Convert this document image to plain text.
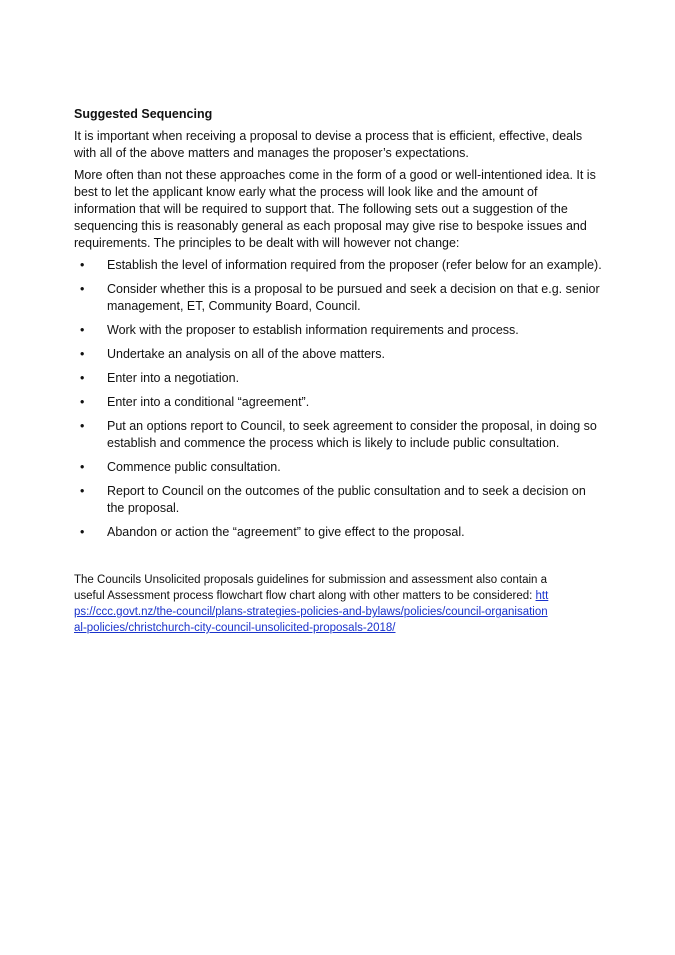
Suggested Sequencing

It is important when receiving a proposal to devise a process that is efficient, effective, deals with all of the above matters and manages the proposer’s expectations.

More often than not these approaches come in the form of a good or well-intentioned idea. It is best to let the applicant know early what the process will look like and the amount of information that will be required to support that. The following sets out a suggestion of the sequencing this is reasonably general as each proposal may give rise to bespoke issues and requirements. The principles to be dealt with will however not change:

•	Establish the level of information required from the proposer (refer below for an example).
•	Consider whether this is a proposal to be pursued and seek a decision on that e.g. senior management, ET, Community Board, Council.
•	Work with the proposer to establish information requirements and process.
•	Undertake an analysis on all of the above matters.
•	Enter into a negotiation.
•	Enter into a conditional “agreement”.
•	Put an options report to Council, to seek agreement to consider the proposal, in doing so establish and commence the process which is likely to include public consultation.
•	Commence public consultation.
•	Report to Council on the outcomes of the public consultation and to seek a decision on the proposal.
•	Abandon or action the “agreement” to give effect to the proposal.
The Councils Unsolicited proposals guidelines for submission and assessment also contain a useful Assessment process flowchart flow chart along with other matters to be considered: https://ccc.govt.nz/the-council/plans-strategies-policies-and-bylaws/policies/council-organisational-policies/christchurch-city-council-unsolicited-proposals-2018/
